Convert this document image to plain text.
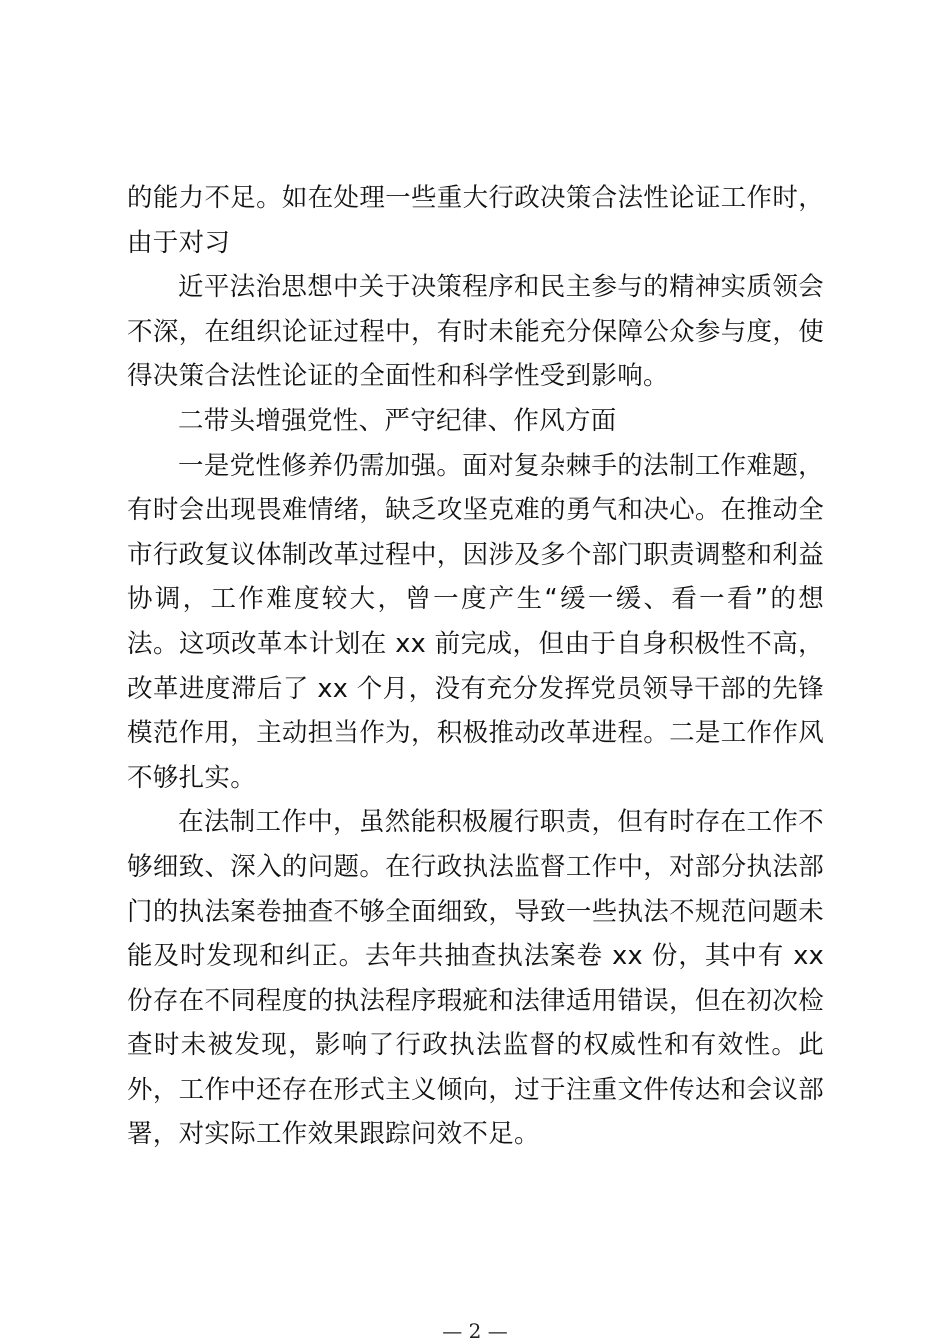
的能力不足。如在处理一些重大行政决策合法性论证工作时，由于对习

近平法治思想中关于决策程序和民主参与的精神实质领会不深，在组织论证过程中，有时未能充分保障公众参与度，使得决策合法性论证的全面性和科学性受到影响。

二带头增强党性、严守纪律、作风方面

一是党性修养仍需加强。面对复杂棘手的法制工作难题，有时会出现畏难情绪，缺乏攻坚克难的勇气和决心。在推动全市行政复议体制改革过程中，因涉及多个部门职责调整和利益协调，工作难度较大，曾一度产生“缓一缓、看一看”的想法。这项改革本计划在 xx 前完成，但由于自身积极性不高，改革进度滞后了 xx 个月，没有充分发挥党员领导干部的先锋模范作用，主动担当作为，积极推动改革进程。二是工作作风不够扎实。

在法制工作中，虽然能积极履行职责，但有时存在工作不够细致、深入的问题。在行政执法监督工作中，对部分执法部门的执法案卷抽查不够全面细致，导致一些执法不规范问题未能及时发现和纠正。去年共抽查执法案卷 xx 份，其中有 xx 份存在不同程度的执法程序瑕疵和法律适用错误，但在初次检查时未被发现，影响了行政执法监督的权威性和有效性。此外，工作中还存在形式主义倾向，过于注重文件传达和会议部署，对实际工作效果跟踪问效不足。

— 2 —
